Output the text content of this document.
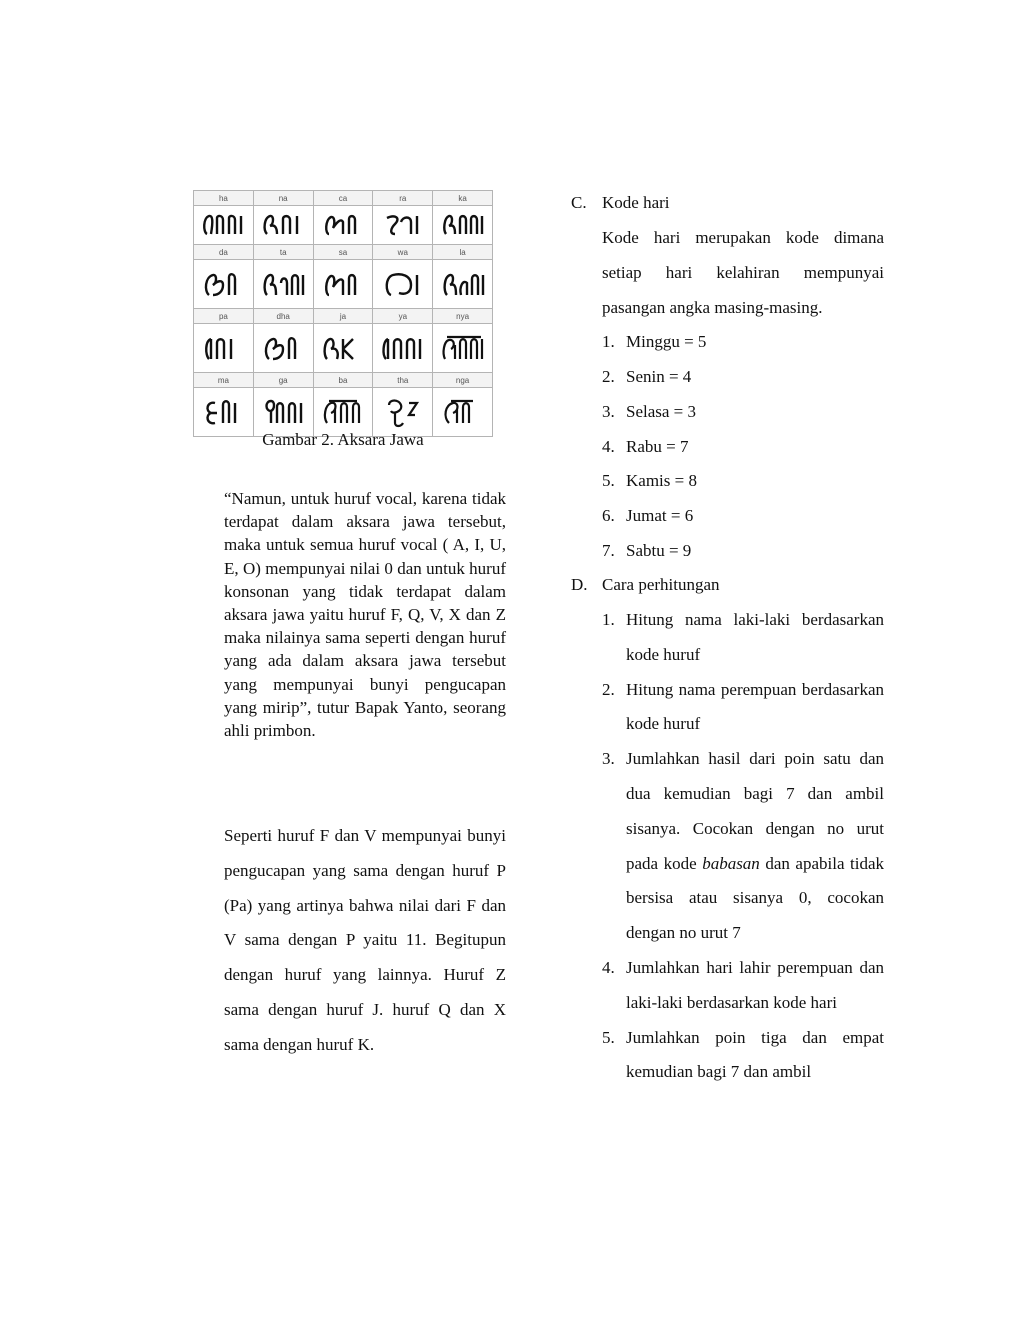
ha	na	ca	ra	ka

da	ta	sa	wa	la

pa	dha	ja	ya	nya

ma	ga	ba	tha	nga

Gambar 2. Aksara Jawa
“Namun, untuk huruf vocal, karena tidak terdapat dalam aksara jawa tersebut, maka untuk semua huruf vocal ( A, I, U, E, O) mempunyai nilai 0 dan untuk huruf konsonan yang tidak terdapat dalam aksara jawa yaitu huruf F, Q, V, X dan Z maka nilainya sama seperti dengan huruf yang ada dalam aksara jawa tersebut yang mempunyai bunyi pengucapan yang mirip”, tutur Bapak Yanto, seorang ahli primbon.
Seperti huruf F dan V mempunyai bunyi pengucapan yang sama dengan huruf P (Pa) yang artinya bahwa nilai dari F dan V sama dengan P yaitu 11. Begitupun dengan huruf yang lainnya. Huruf Z sama dengan huruf J. huruf Q dan X sama dengan huruf K.
C. Kode hari
Kode hari merupakan kode dimana setiap hari kelahiran mempunyai pasangan angka masing-masing.
1. Minggu = 5
2. Senin = 4
3. Selasa = 3
4. Rabu = 7
5. Kamis = 8
6. Jumat = 6
7. Sabtu = 9
D. Cara perhitungan
1. Hitung nama laki-laki berdasarkan kode huruf
2. Hitung nama perempuan berdasarkan kode huruf
3. Jumlahkan hasil dari poin satu dan dua kemudian bagi 7 dan ambil sisanya. Cocokan dengan no urut pada kode babasan dan apabila tidak bersisa atau sisanya 0, cocokan dengan no urut 7
4. Jumlahkan hari lahir perempuan dan laki-laki berdasarkan kode hari
5. Jumlahkan poin tiga dan empat kemudian bagi 7 dan ambil
